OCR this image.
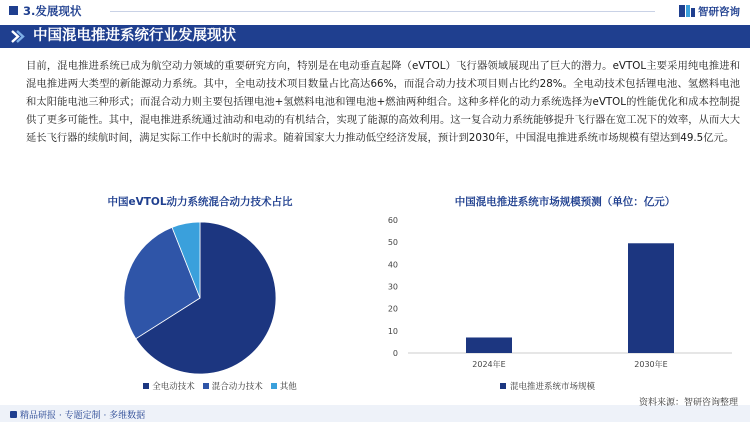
3.发展现状	智研咨询
中国混电推进系统行业发展现状
目前，混电推进系统已成为航空动力领域的重要研究方向，特别是在电动垂直起降（eVTOL）飞行器领域展现出了巨大的潜力。eVTOL主要采用纯电推进和混电推进两大类型的新能源动力系统。其中，全电动技术项目数量占比高达66%，而混合动力技术项目则占比约28%。全电动技术包括锂电池、氢燃料电池和太阳能电池三种形式；而混合动力则主要包括锂电池+氢燃料电池和锂电池+燃油两种组合。这种多样化的动力系统选择为eVTOL的性能优化和成本控制提供了更多可能性。其中，混电推进系统通过油动和电动的有机结合，实现了能源的高效利用。这一复合动力系统能够提升飞行器在宽工况下的效率，从而大大延长飞行器的续航时间，满足实际工作中长航时的需求。随着国家大力推动低空经济发展，预计到2030年，中国混电推进系统市场规模有望达到49.5亿元。
中国eVTOL动力系统混合动力技术占比
全电动技术 混合动力技术 其他
中国混电推进系统市场规模预测（单位：亿元）
0
10
20
30
40
50
60
2024年E	2030年E
混电推进系统市场规模
精品研报 · 专题定制 · 多维数据
资料来源：智研咨询整理
